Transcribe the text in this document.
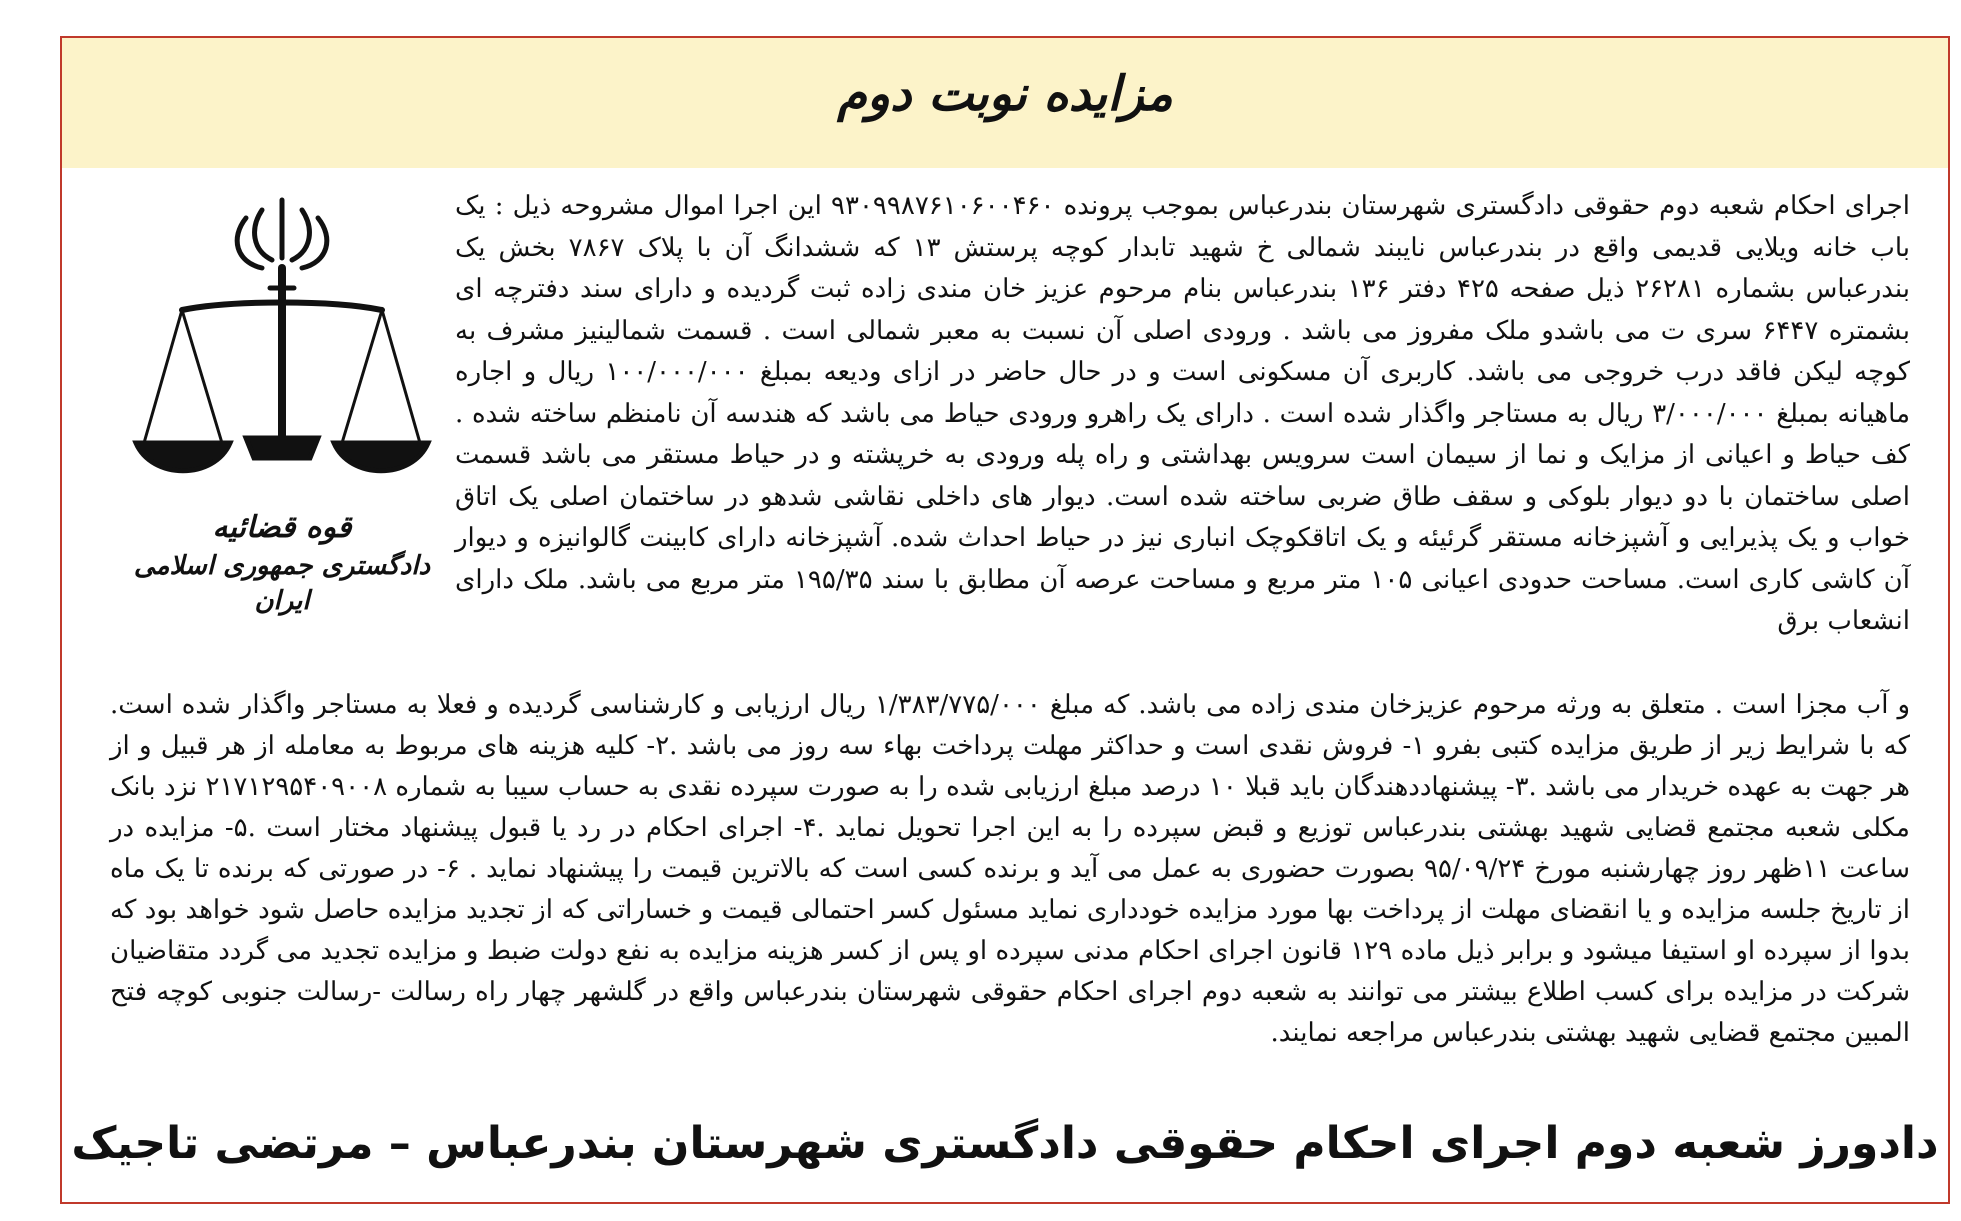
مزایده نوبت دوم
قوه قضائیه
دادگستری جمهوری اسلامی ایران

اجرای احکام شعبه دوم حقوقی دادگستری شهرستان بندرعباس بموجب پرونده ۹۳۰۹۹۸۷۶۱۰۶۰۰۴۶۰ این اجرا اموال مشروحه ذیل : یک باب خانه ویلایی قدیمی واقع در بندرعباس نایبند شمالی خ شهید تابدار کوچه پرستش ۱۳ که ششدانگ آن با پلاک ۷۸۶۷ بخش یک بندرعباس بشماره ۲۶۲۸۱ ذیل صفحه ۴۲۵ دفتر ۱۳۶ بندرعباس بنام مرحوم عزیز خان مندی زاده ثبت گردیده و دارای سند دفترچه ای بشمتره ۶۴۴۷ سری ت می باشدو ملک مفروز می باشد . ورودی اصلی آن نسبت به معبر شمالی است . قسمت شمالینیز مشرف به کوچه لیکن فاقد درب خروجی می باشد. کاربری آن مسکونی است و در حال حاضر در ازای ودیعه بمبلغ ۱۰۰/۰۰۰/۰۰۰ ریال و اجاره ماهیانه بمبلغ ۳/۰۰۰/۰۰۰ ریال به مستاجر واگذار شده است . دارای یک راهرو ورودی حیاط می باشد که هندسه آن نامنظم ساخته شده . کف حیاط و اعیانی از مزایک و نما از سیمان است سرویس بهداشتی و راه پله ورودی به خرپشته و در حیاط مستقر می باشد قسمت اصلی ساختمان با دو دیوار بلوکی و سقف طاق ضربی ساخته شده است. دیوار های داخلی نقاشی شدهو در ساختمان اصلی یک اتاق خواب و یک پذیرایی و آشپزخانه مستقر گرئیئه و یک اتاقکوچک انباری نیز در حیاط احداث شده. آشپزخانه دارای کابینت گالوانیزه و دیوار آن کاشی کاری است. مساحت حدودی اعیانی ۱۰۵ متر مربع و مساحت عرصه آن مطابق با سند ۱۹۵/۳۵ متر مربع می باشد. ملک دارای انشعاب برق

و آب مجزا است . متعلق به ورثه مرحوم عزیزخان مندی زاده می باشد. که مبلغ ۱/۳۸۳/۷۷۵/۰۰۰ ریال ارزیابی و کارشناسی گردیده و فعلا به مستاجر واگذار شده است. که با شرایط زیر از طریق مزایده کتبی بفرو ۱- فروش نقدی است و حداکثر مهلت پرداخت بهاء سه روز می باشد .۲- کلیه هزینه های مربوط به معامله از هر قبیل و از هر جهت به عهده خریدار می باشد .۳- پیشنهاددهندگان باید قبلا ۱۰ درصد مبلغ ارزیابی شده را به صورت سپرده نقدی به حساب سیبا به شماره ۲۱۷۱۲۹۵۴۰۹۰۰۸ نزد بانک مکلی شعبه مجتمع قضایی شهید بهشتی بندرعباس توزیع و قبض سپرده را به این اجرا تحویل نماید .۴- اجرای احکام در رد یا قبول پیشنهاد مختار است .۵- مزایده در ساعت ۱۱ظهر روز چهارشنبه مورخ ۹۵/۰۹/۲۴ بصورت حضوری به عمل می آید و برنده کسی است که بالاترین قیمت را پیشنهاد نماید . ۶- در صورتی که برنده تا یک ماه از تاریخ جلسه مزایده و یا انقضای مهلت از پرداخت بها مورد مزایده خودداری نماید مسئول کسر احتمالی قیمت و خساراتی که از تجدید مزایده حاصل شود خواهد بود که بدوا از سپرده او استیفا میشود و برابر ذیل ماده ۱۲۹ قانون اجرای احکام مدنی سپرده او پس از کسر هزینه مزایده به نفع دولت ضبط و مزایده تجدید می گردد متقاضیان شرکت در مزایده برای کسب اطلاع بیشتر می توانند به شعبه دوم اجرای احکام حقوقی شهرستان بندرعباس واقع در گلشهر چهار راه رسالت -رسالت جنوبی کوچه فتح المبین مجتمع قضایی شهید بهشتی بندرعباس مراجعه نمایند.

دادورز شعبه دوم اجرای احکام حقوقی دادگستری شهرستان بندرعباس – مرتضی تاجیک
